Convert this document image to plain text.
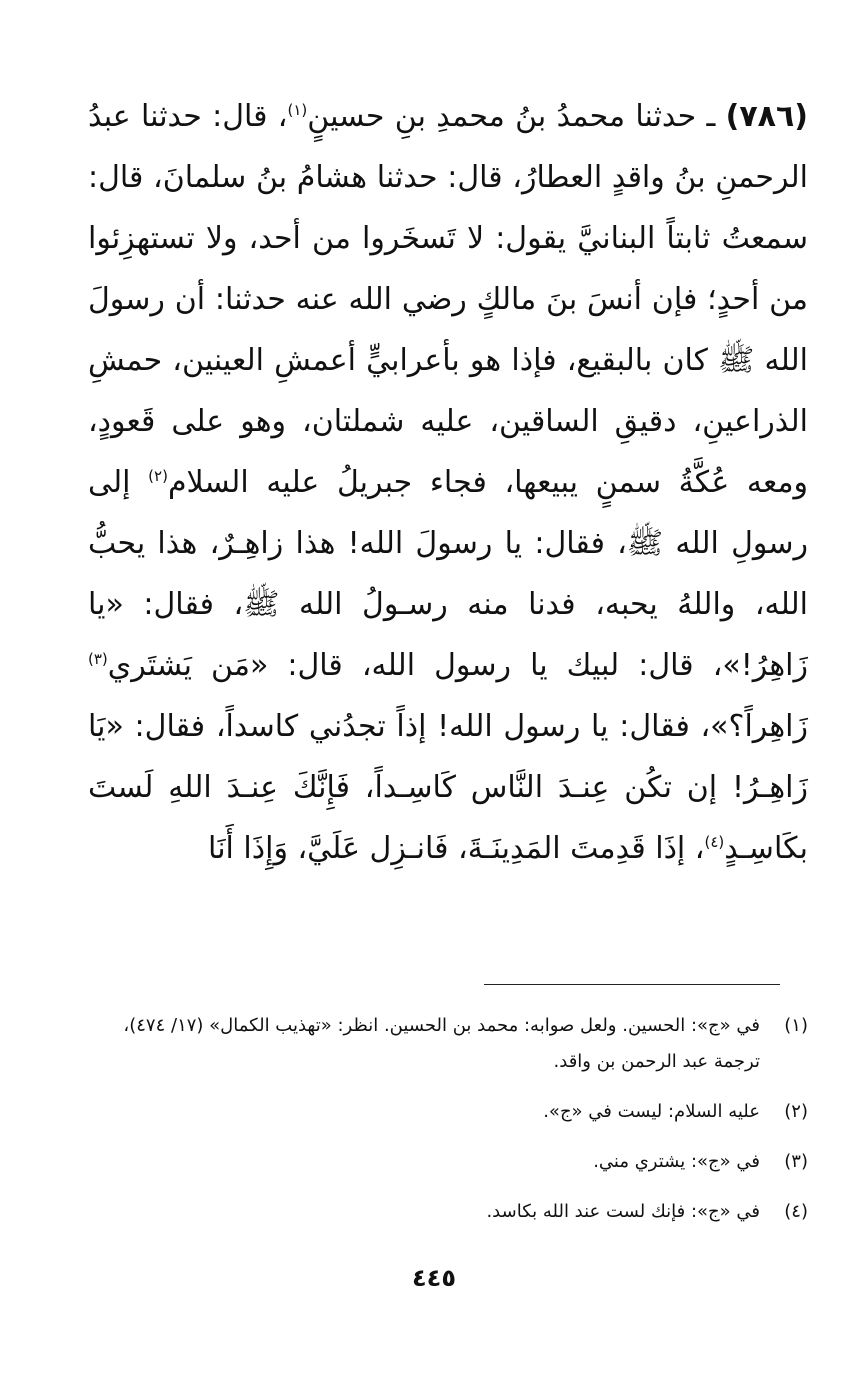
(٧٨٦) ـ حدثنا محمدُ بنُ محمدِ بنِ حسينٍ$^{(١)}$، قال: حدثنا عبدُ الرحمنِ بنُ واقدٍ العطارُ، قال: حدثنا هشامُ بنُ سلمانَ، قال: سمعتُ ثابتاً البنانيَّ يقول: لا تَسخَروا من أحد، ولا تستهزِئوا من أحدٍ؛ فإن أنسَ بنَ مالكٍ رضي الله عنه حدثنا: أن رسولَ الله ﷺ كان بالبقيع، فإذا هو بأعرابيٍّ أعمشِ العينين، حمشِ الذراعينِ، دقيقِ الساقين، عليه شملتان، وهو على قَعودٍ، ومعه عُكَّةُ سمنٍ يبيعها، فجاء جبريلُ عليه السلام$^{(٢)}$ إلى رسولِ الله ﷺ، فقال: يا رسولَ الله! هذا زاهِـرٌ، هذا يحبُّ الله، واللهُ يحبه، فدنا منه رسـولُ الله ﷺ، فقال: «يا زَاهِرُ!»، قال: لبيك يا رسول الله، قال: «مَن يَشتَري$^{(٣)}$ زَاهِراً؟»، فقال: يا رسول الله! إذاً تجدُني كاسداً، فقال: «يَا زَاهِـرُ! إن تكُن عِنـدَ النَّاس كَاسِـداً، فَإِنَّكَ عِنـدَ اللهِ لَستَ بكَاسِـدٍ$^{(٤)}$، إذَا قَدِمتَ المَدِينَـةَ، فَانـزِل عَلَيَّ، وَإِذَا أَنَا

(١)
في «ج»: الحسين. ولعل صوابه: محمد بن الحسين. انظر: «تهذيب الكمال» (١٧/ ٤٧٤)، ترجمة عبد الرحمن بن واقد.
(٢)
عليه السلام: ليست في «ج».
(٣)
في «ج»: يشتري مني.
(٤)
في «ج»: فإنك لست عند الله بكاسد.
٤٤٥
